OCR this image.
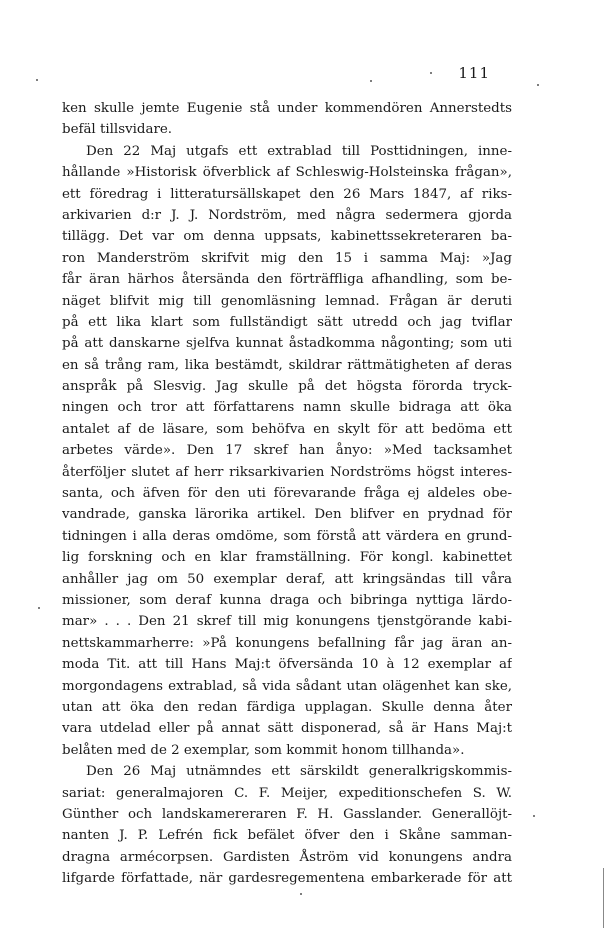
111
ken skulle jemte Eugenie stå under kommendören Annerstedts
befäl tillsvidare.
Den 22 Maj utgafs ett extrablad till Posttidningen, inne-
hållande »Historisk öfverblick af Schleswig-Holsteinska frågan»,
ett föredrag i litteratursällskapet den 26 Mars 1847, af riks-
arkivarien d:r J. J. Nordström, med några sedermera gjorda
tillägg. Det var om denna uppsats, kabinettssekreteraren ba-
ron Manderström skrifvit mig den 15 i samma Maj: »Jag
får äran härhos återsända den förträffliga afhandling, som be-
näget blifvit mig till genomläsning lemnad. Frågan är deruti
på ett lika klart som fullständigt sätt utredd och jag tviflar
på att danskarne sjelfva kunnat åstadkomma någonting; som uti
en så trång ram, lika bestämdt, skildrar rättmätigheten af deras
anspråk på Slesvig. Jag skulle på det högsta förorda tryck-
ningen och tror att författarens namn skulle bidraga att öka
antalet af de läsare, som behöfva en skylt för att bedöma ett
arbetes värde». Den 17 skref han ånyo: »Med tacksamhet
återföljer slutet af herr riksarkivarien Nordströms högst interes-
santa, och äfven för den uti förevarande fråga ej aldeles obe-
vandrade, ganska lärorika artikel. Den blifver en prydnad för
tidningen i alla deras omdöme, som förstå att värdera en grund-
lig forskning och en klar framställning. För kongl. kabinettet
anhåller jag om 50 exemplar deraf, att kringsändas till våra
missioner, som deraf kunna draga och bibringa nyttiga lärdo-
mar» . . . Den 21 skref till mig konungens tjenstgörande kabi-
nettskammarherre: »På konungens befallning får jag äran an-
moda Tit. att till Hans Maj:t öfversända 10 à 12 exemplar af
morgondagens extrablad, så vida sådant utan olägenhet kan ske,
utan att öka den redan färdiga upplagan. Skulle denna åter
vara utdelad eller på annat sätt disponerad, så är Hans Maj:t
belåten med de 2 exemplar, som kommit honom tillhanda».
Den 26 Maj utnämndes ett särskildt generalkrigskommis-
sariat: generalmajoren C. F. Meijer, expeditionschefen S. W.
Günther och landskamereraren F. H. Gasslander. Generallöjt-
nanten J. P. Lefrén fick befälet öfver den i Skåne samman-
dragna arméc‌orpsen. Gardisten Åström vid konungens andra
lifgarde författade, när gardesregementena embarkerade för att
